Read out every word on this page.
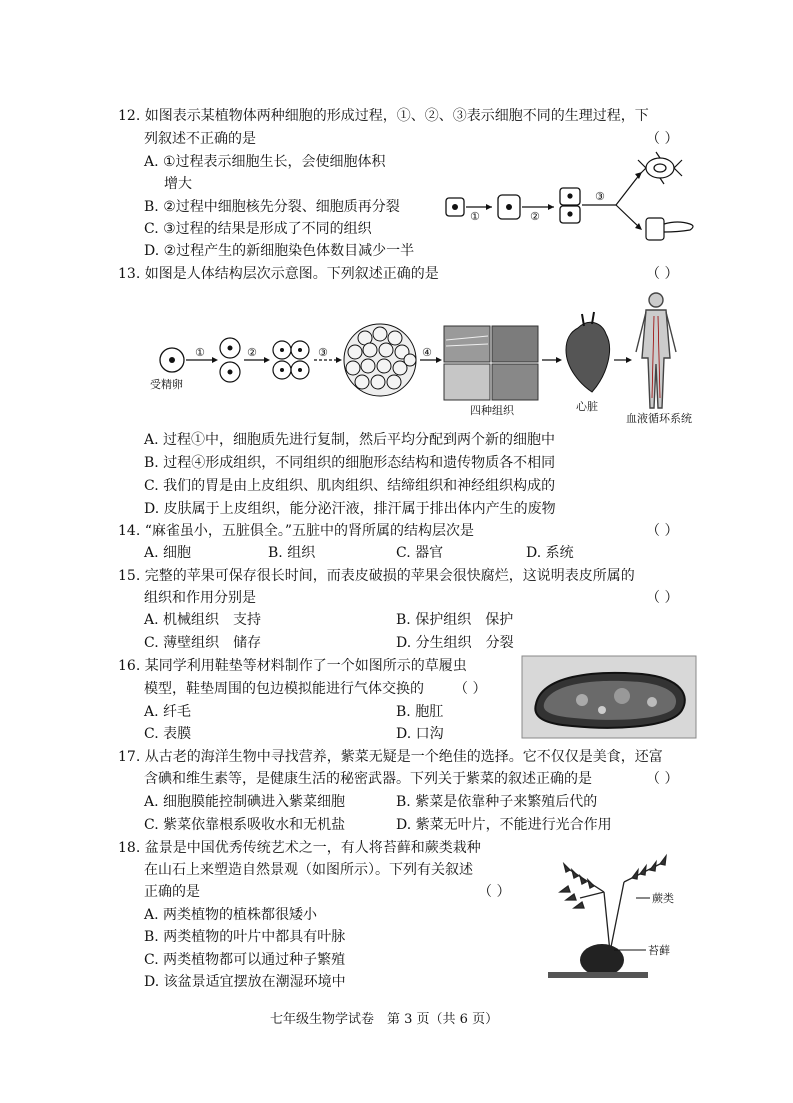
12. 如图表示某植物体两种细胞的形成过程，①、②、③表示细胞不同的生理过程，下
列叙述不正确的是	（ ）
A. ①过程表示细胞生长，会使细胞体积
增大
B. ②过程中细胞核先分裂、细胞质再分裂
C. ③过程的结果是形成了不同的组织
D. ②过程产生的新细胞染色体数目减少一半
①	②
③
13. 如图是人体结构层次示意图。下列叙述正确的是	（ ）
受精卵
①	②	③	④
四种组织	心脏
血液循环系统
A. 过程①中，细胞质先进行复制，然后平均分配到两个新的细胞中
B. 过程④形成组织，不同组织的细胞形态结构和遗传物质各不相同
C. 我们的胃是由上皮组织、肌肉组织、结缔组织和神经组织构成的
D. 皮肤属于上皮组织，能分泌汗液，排汗属于排出体内产生的废物
14. “麻雀虽小，五脏俱全。”五脏中的肾所属的结构层次是	（ ）
A. 细胞	B. 组织	C. 器官	D. 系统
15. 完整的苹果可保存很长时间，而表皮破损的苹果会很快腐烂，这说明表皮所属的
组织和作用分别是	（ ）
A. 机械组织　支持	B. 保护组织　保护
C. 薄壁组织　储存	D. 分生组织　分裂
16. 某同学利用鞋垫等材料制作了一个如图所示的草履虫
模型，鞋垫周围的包边模拟能进行气体交换的 （ ）
A. 纤毛	B. 胞肛
C. 表膜	D. 口沟
17. 从古老的海洋生物中寻找营养，紫菜无疑是一个绝佳的选择。它不仅仅是美食，还富
含碘和维生素等，是健康生活的秘密武器。下列关于紫菜的叙述正确的是	（ ）
A. 细胞膜能控制碘进入紫菜细胞	B. 紫菜是依靠种子来繁殖后代的
C. 紫菜依靠根系吸收水和无机盐	D. 紫菜无叶片，不能进行光合作用
18. 盆景是中国优秀传统艺术之一，有人将苔藓和蕨类栽种
在山石上来塑造自然景观（如图所示）。下列有关叙述
正确的是	（ ）
A. 两类植物的植株都很矮小
B. 两类植物的叶片中都具有叶脉
C. 两类植物都可以通过种子繁殖
D. 该盆景适宜摆放在潮湿环境中
蕨类
苔藓
七年级生物学试卷　第 3 页（共 6 页）
